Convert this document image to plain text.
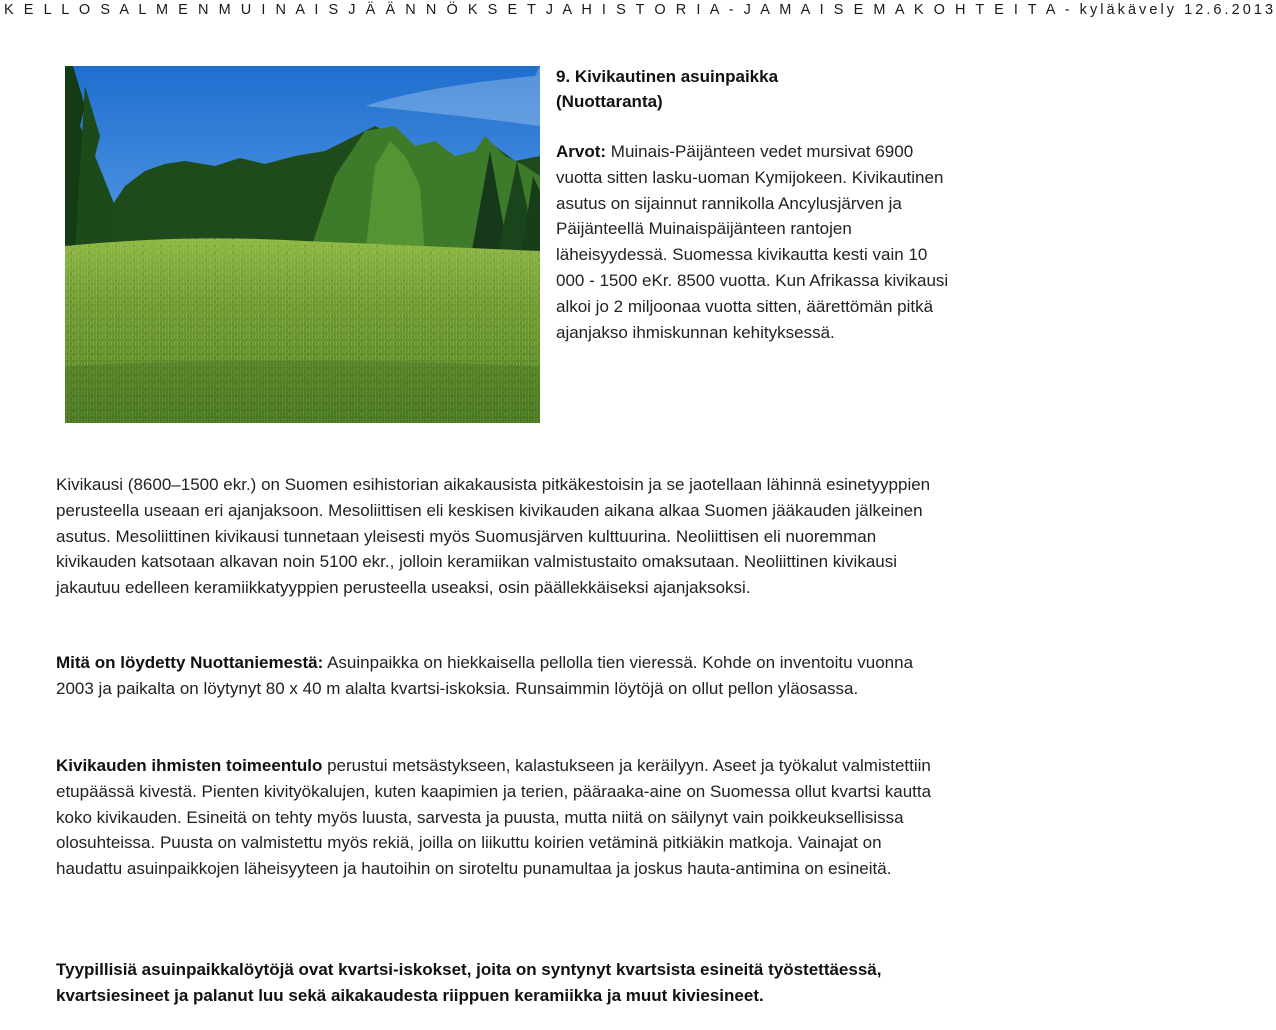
K E L L O S A L M E N M U I N A I S J Ä Ä N N Ö K S E T J A H I S T O R I A - J A M A I S E M A K O H T E I T A - kyläkävely 12.6.2013
9. Kivikautinen asuinpaikka
(Nuottaranta)
Arvot: Muinais-Päijänteen vedet mursivat 6900 vuotta sitten lasku-uoman Kymijokeen. Kivikautinen asutus on sijainnut rannikolla Ancylusjärven ja Päijänteellä Muinaispäijänteen rantojen läheisyydessä. Suomessa kivikautta kesti vain 10 000 - 1500 eKr. 8500 vuotta. Kun Afrikassa kivikausi alkoi jo 2 miljoonaa vuotta sitten, äärettömän pitkä ajanjakso ihmiskunnan kehityksessä.
Kivikausi (8600–1500 ekr.) on Suomen esihistorian aikakausista pitkäkestoisin ja se jaotellaan lähinnä esinetyyppien perusteella useaan eri ajanjaksoon. Mesoliittisen eli keskisen kivikauden aikana alkaa Suomen jääkauden jälkeinen asutus. Mesoliittinen kivikausi tunnetaan yleisesti myös Suomusjärven kulttuurina. Neoliittisen eli nuoremman kivikauden katsotaan alkavan noin 5100 ekr., jolloin keramiikan valmistustaito omaksutaan. Neoliittinen kivikausi jakautuu edelleen keramiikkatyyppien perusteella useaksi, osin päällekkäiseksi ajanjaksoksi.
Mitä on löydetty Nuottaniemestä: Asuinpaikka on hiekkaisella pellolla tien vieressä. Kohde on inventoitu vuonna 2003 ja paikalta on löytynyt 80 x 40 m alalta kvartsi-iskoksia. Runsaimmin löytöjä on ollut pellon yläosassa.
Kivikauden ihmisten toimeentulo perustui metsästykseen, kalastukseen ja keräilyyn. Aseet ja työkalut valmistettiin etupäässä kivestä. Pienten kivityökalujen, kuten kaapimien ja terien, pääraaka-aine on Suomessa ollut kvartsi kautta koko kivikauden. Esineitä on tehty myös luusta, sarvesta ja puusta, mutta niitä on säilynyt vain poikkeuksellisissa olosuhteissa. Puusta on valmistettu myös rekiä, joilla on liikuttu koirien vetäminä pitkiäkin matkoja. Vainajat on haudattu asuinpaikkojen läheisyyteen ja hautoihin on siroteltu punamultaa ja joskus hauta-antimina on esineitä.
Tyypillisiä asuinpaikkalöytöjä ovat kvartsi-iskokset, joita on syntynyt kvartsista esineitä työstettäessä, kvartsiesineet ja palanut luu sekä aikakaudesta riippuen keramiikka ja muut kiviesineet.
